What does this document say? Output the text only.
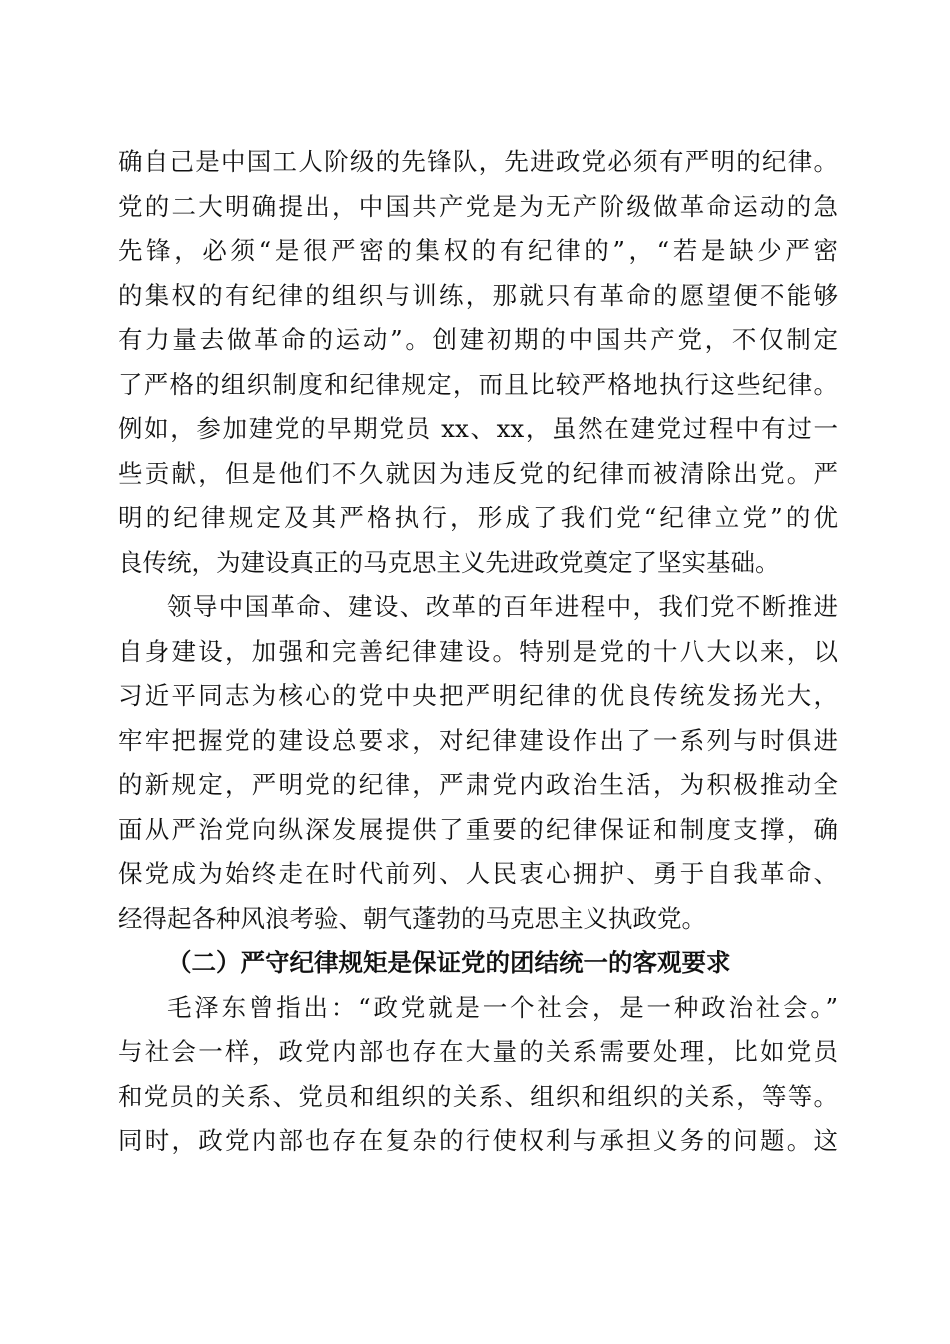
确自己是中国工人阶级的先锋队，先进政党必须有严明的纪律。
党的二大明确提出，中国共产党是为无产阶级做革命运动的急
先锋，必须“是很严密的集权的有纪律的”，“若是缺少严密
的集权的有纪律的组织与训练，那就只有革命的愿望便不能够
有力量去做革命的运动”。创建初期的中国共产党，不仅制定
了严格的组织制度和纪律规定，而且比较严格地执行这些纪律。
例如，参加建党的早期党员 xx、xx，虽然在建党过程中有过一
些贡献，但是他们不久就因为违反党的纪律而被清除出党。严
明的纪律规定及其严格执行，形成了我们党“纪律立党”的优
良传统，为建设真正的马克思主义先进政党奠定了坚实基础。
领导中国革命、建设、改革的百年进程中，我们党不断推进
自身建设，加强和完善纪律建设。特别是党的十八大以来，以
习近平同志为核心的党中央把严明纪律的优良传统发扬光大，
牢牢把握党的建设总要求，对纪律建设作出了一系列与时俱进
的新规定，严明党的纪律，严肃党内政治生活，为积极推动全
面从严治党向纵深发展提供了重要的纪律保证和制度支撑，确
保党成为始终走在时代前列、人民衷心拥护、勇于自我革命、
经得起各种风浪考验、朝气蓬勃的马克思主义执政党。
（二）严守纪律规矩是保证党的团结统一的客观要求
毛泽东曾指出：“政党就是一个社会，是一种政治社会。”
与社会一样，政党内部也存在大量的关系需要处理，比如党员
和党员的关系、党员和组织的关系、组织和组织的关系，等等。
同时，政党内部也存在复杂的行使权利与承担义务的问题。这
